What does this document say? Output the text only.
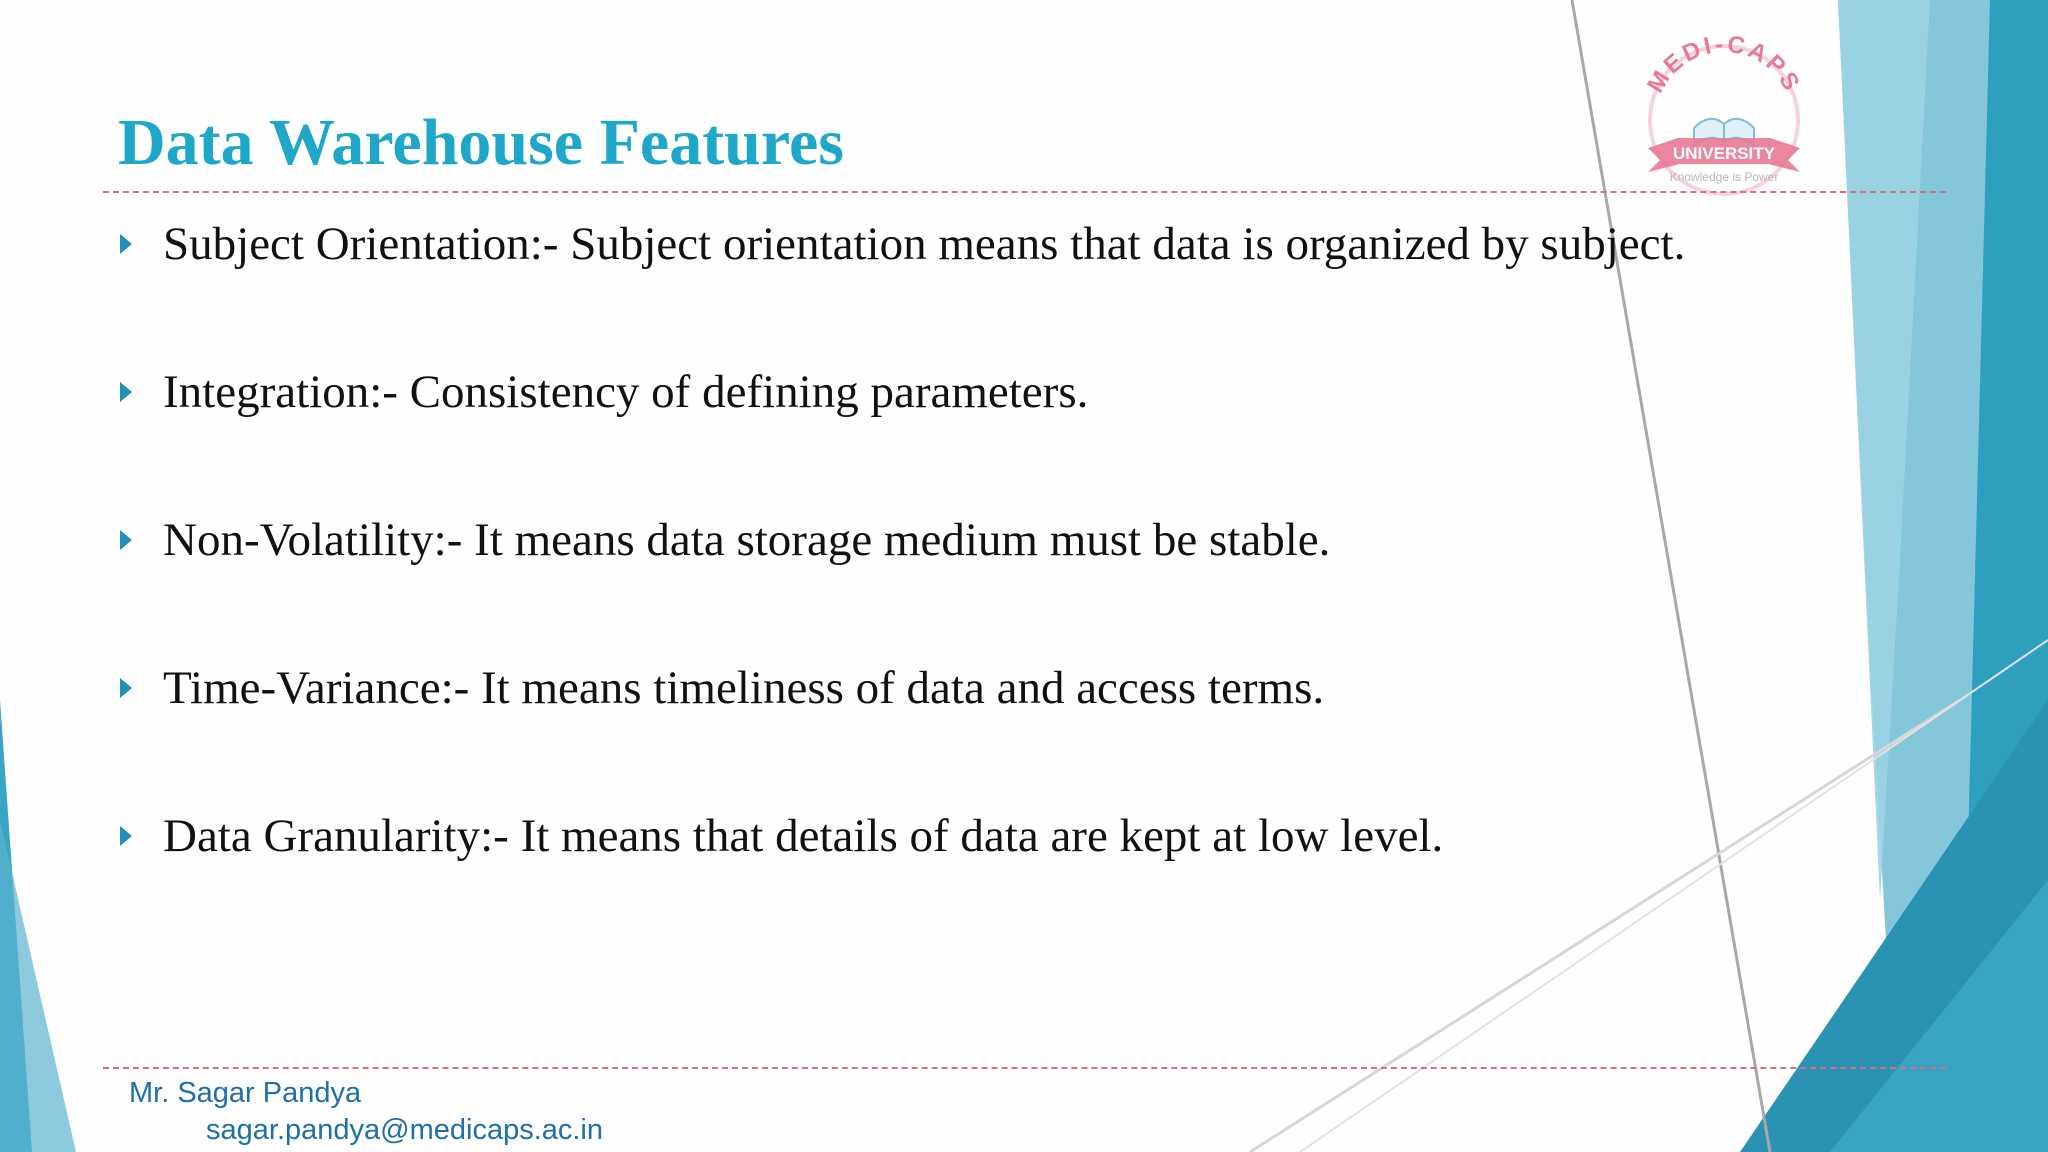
MEDI-CAPS
UNIVERSITY
Knowledge is Power
Data Warehouse Features
Subject Orientation:- Subject orientation means that data is organized by subject.
Integration:- Consistency of defining parameters.
Non-Volatility:- It means data storage medium must be stable.
Time-Variance:- It means timeliness of data and access terms.
Data Granularity:- It means that details of data are kept at low level.
Mr. Sagar Pandya
sagar.pandya@medicaps.ac.in
